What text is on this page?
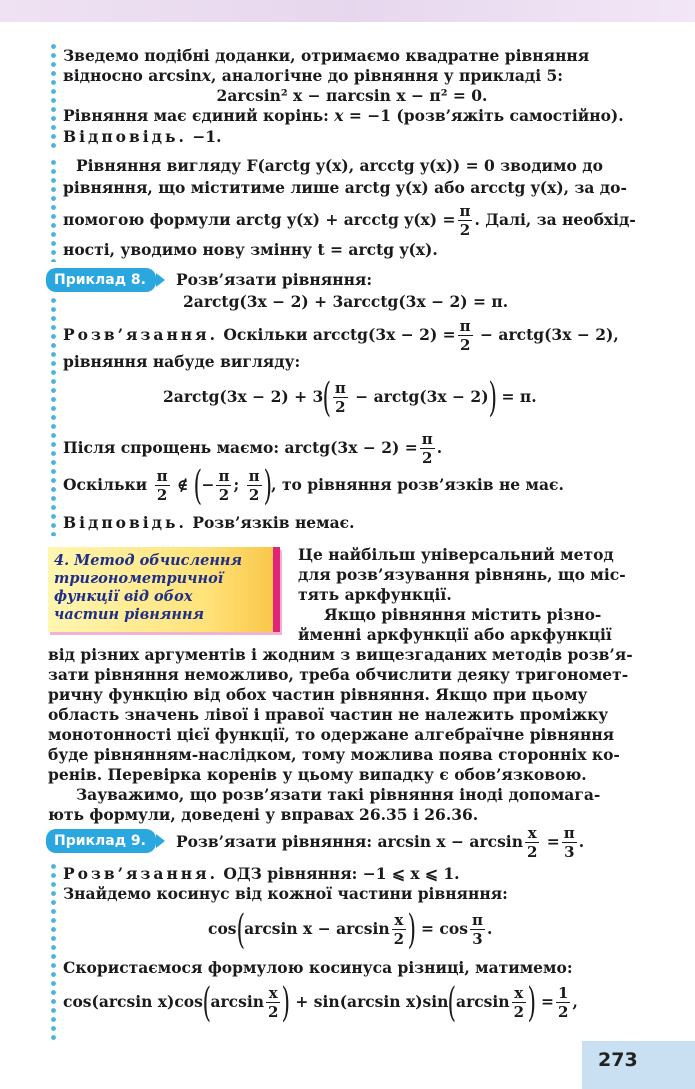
Зведемо подібні доданки, отримаємо квадратне рівняння
відносно arcsinx, аналогічне до рівняння у прикладі 5:
2arcsin² x − πarcsin x − π² = 0.
Рівняння має єдиний корінь: x = −1 (розв’яжіть самостійно).
Відповідь. −1.
Рівняння вигляду F(arctg y(x), arcctg y(x)) = 0 зводимо до
рівняння, що міститиме лише arctg y(x) або arcctg y(x), за до-
помогою формули arctg y(x) + arcctg $y(x) = \frac{\pi}{2}$ . Далі, за необхід-
ності, уводимо нову змінну t = arctg y(x).
Приклад 8.	Розв’язати рівняння:
2arctg(3x − 2) + 3arcctg(3x − 2) = π.
Розв’язання. Оскільки arcctg(3x − $2) = \frac{\pi}{2}$ − arctg(3x − 2),
рівняння набуде вигляду:
2arctg(3x − $2) + 3( \frac{\pi}{2}$ − arctg(3x − 2)) = π.
Після спрощень маємо: arctg(3x − $2) = \frac{\pi}{2}$ .
Оскільки $\frac{\pi}{2}$ ∉ (− $\frac{\pi}{2}$ ; $\frac{\pi}{2}$ ), то рівняння розв’язків не має.
Відповідь. Розв’язків немає.
4. Метод обчислення
тригонометричної
функції від обох
частин рівняння
Це найбільш універсальний метод
для розв’язування рівнянь, що міс-
тять аркфункції.
Якщо рівняння містить різно-
йменні аркфункції або аркфункції
від різних аргументів і жодним з вищезгаданих методів розв’я-
зати рівняння неможливо, треба обчислити деяку тригономет-
ричну функцію від обох частин рівняння. Якщо при цьому
область значень лівої і правої частин не належить проміжку
монотонності цієї функції, то одержане алгебраїчне рівняння
буде рівнянням-наслідком, тому можлива поява сторонніх ко-
ренів. Перевірка коренів у цьому випадку є обов’язковою.
Зауважимо, що розв’язати такі рівняння іноді допомага-
ють формули, доведені у вправах 26.35 і 26.36.
Приклад 9.	Розв’язати рівняння: $\arcsin x - \arcsin \frac{x}{2} = \frac{\pi}{3}$ .
Розв’язання. ОДЗ рівняння: −1 ⩽ x ⩽ 1.
Знайдемо косинус від кожної частини рівняння:
cos(arcsin $x - \arcsin \frac{x}{2}$ ) = $\cos \frac{\pi}{3}$ .
Скористаємося формулою косинуса різниці, матимемо:
cos(arcsin $x)\cos(\arcsin \frac{x}{2}$ ) + sin(arcsin $x)\sin(\arcsin \frac{x}{2}$ ) = $\frac{1}{2}$ ,
273
